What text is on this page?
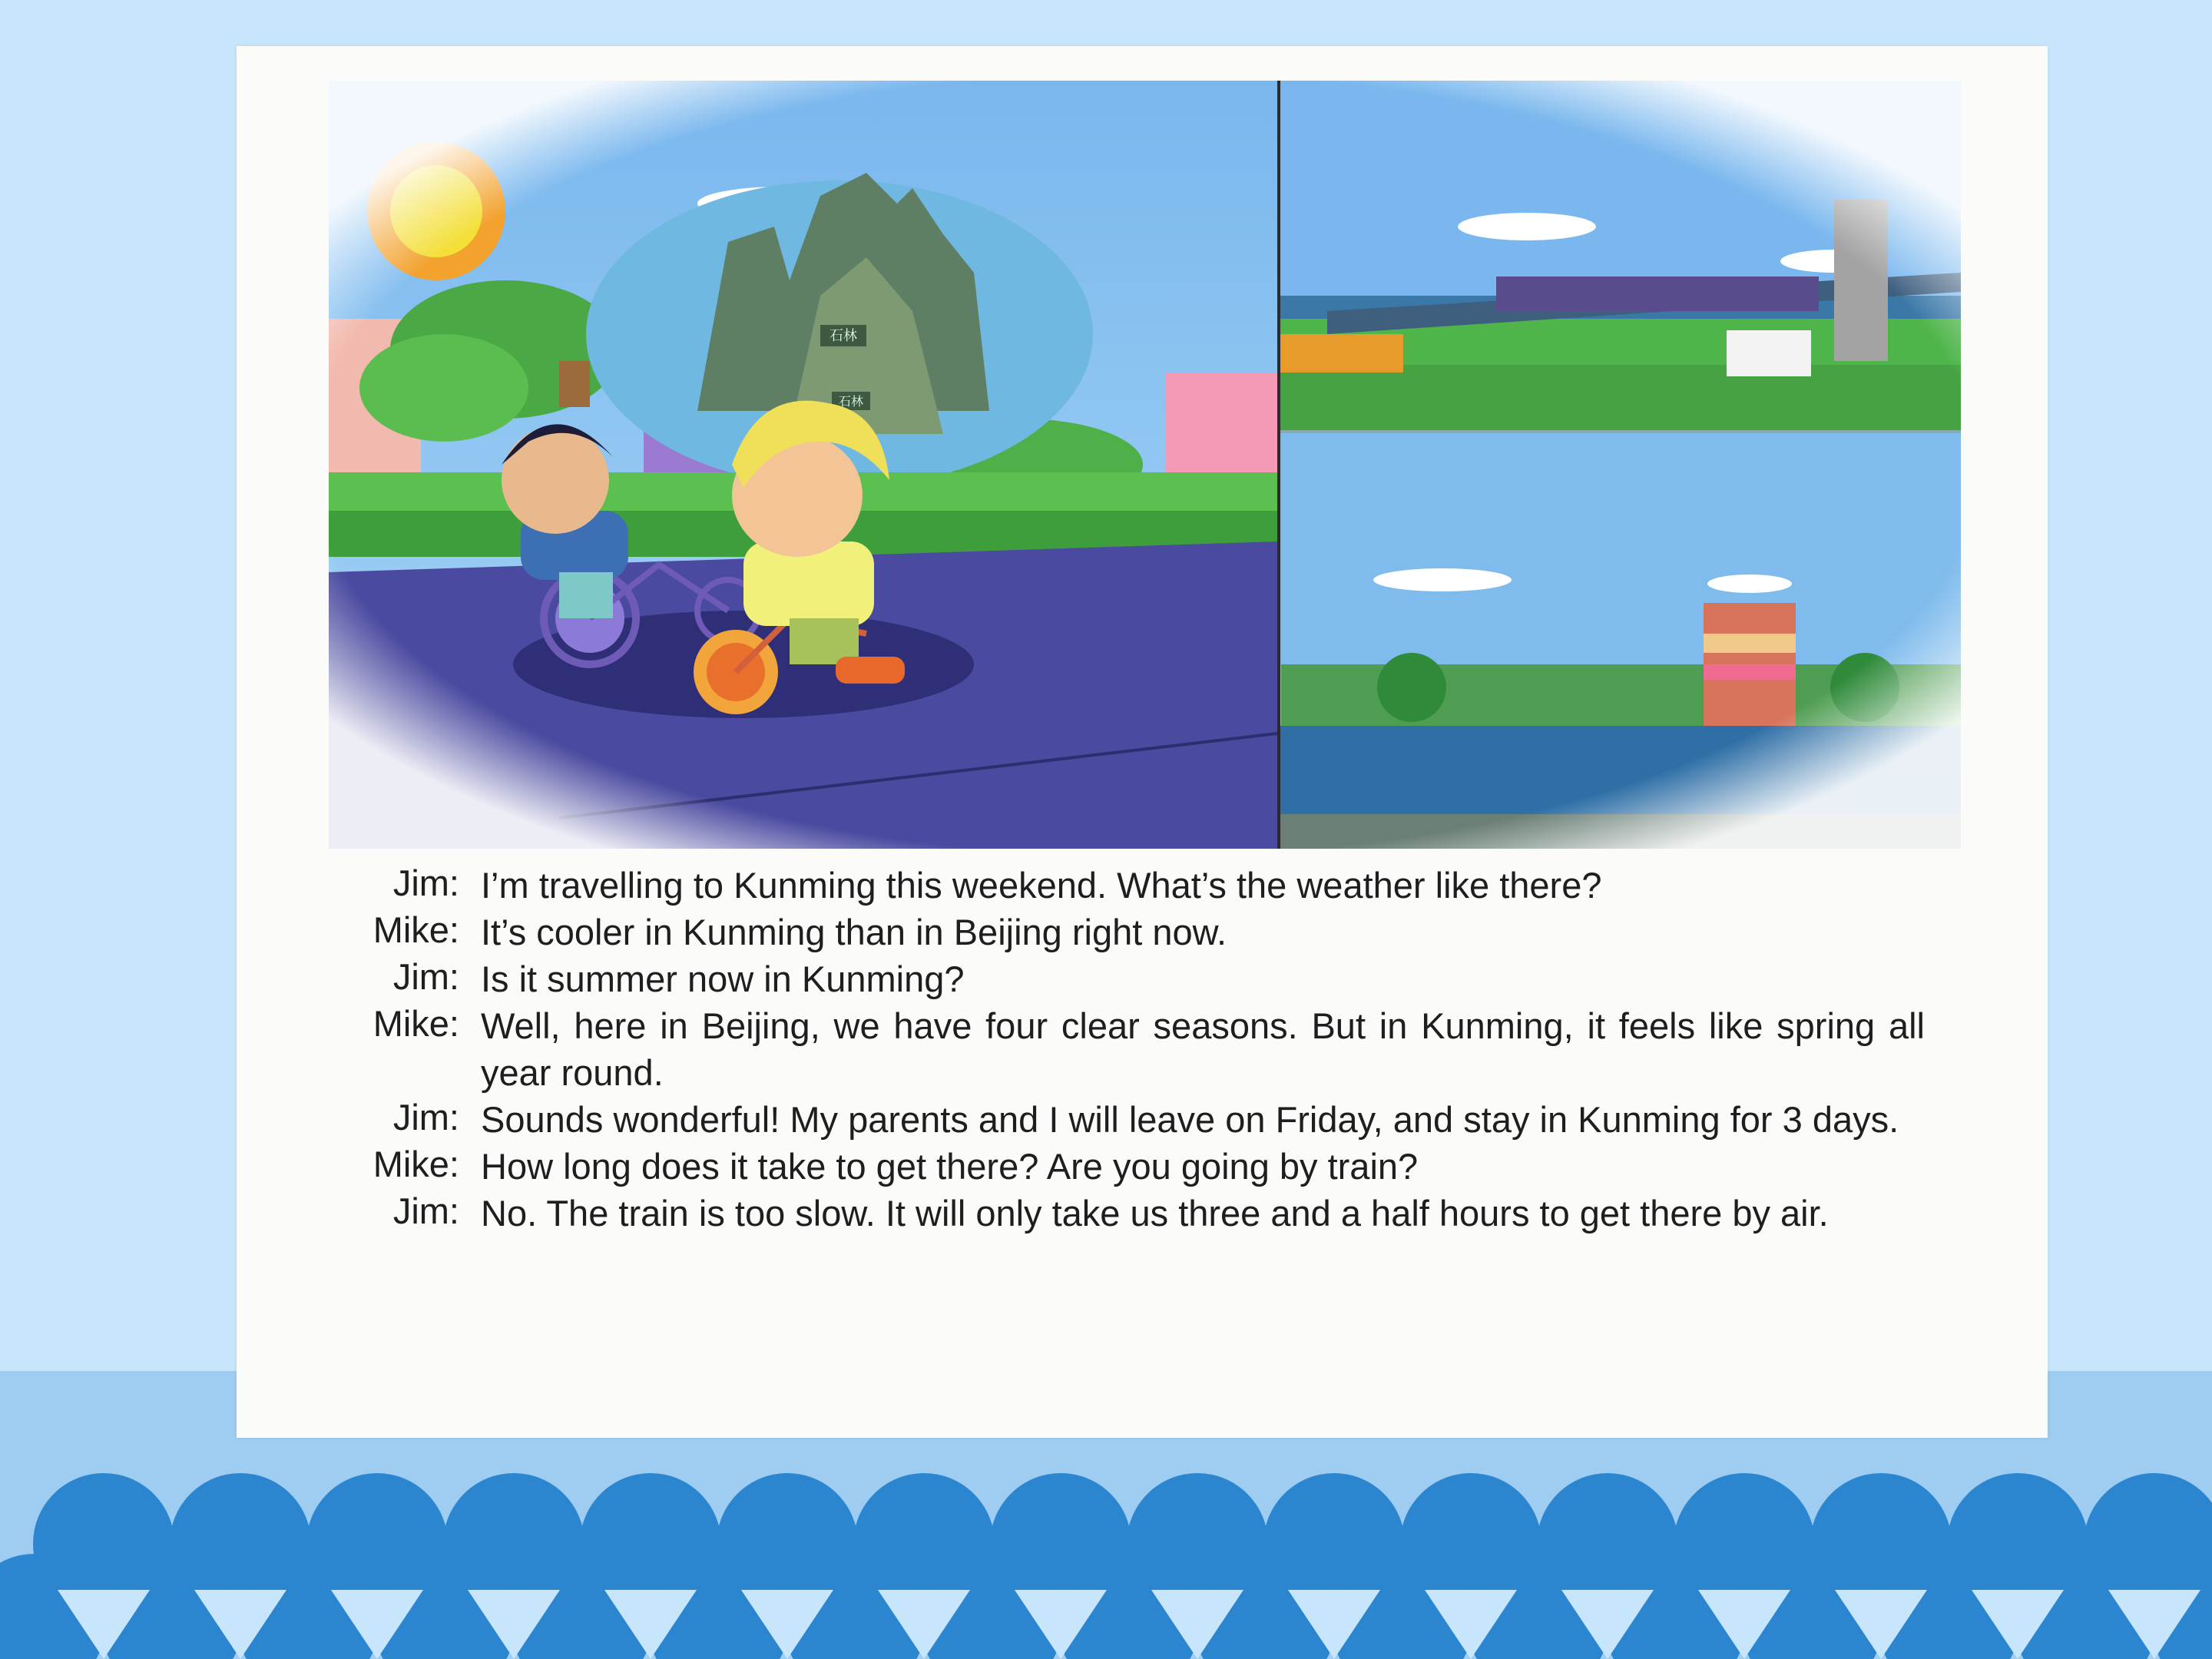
Jim: I’m travelling to Kunming this weekend. What’s the weather like there?
Mike: It’s cooler in Kunming than in Beijing right now.
Jim: Is it summer now in Kunming?
Mike: Well, here in Beijing, we have four clear seasons. But in Kunming, it feels like spring all year round.
Jim: Sounds wonderful! My parents and I will leave on Friday, and stay in Kunming for 3 days.
Mike: How long does it take to get there? Are you going by train?
Jim: No. The train is too slow. It will only take us three and a half hours to get there by air.
